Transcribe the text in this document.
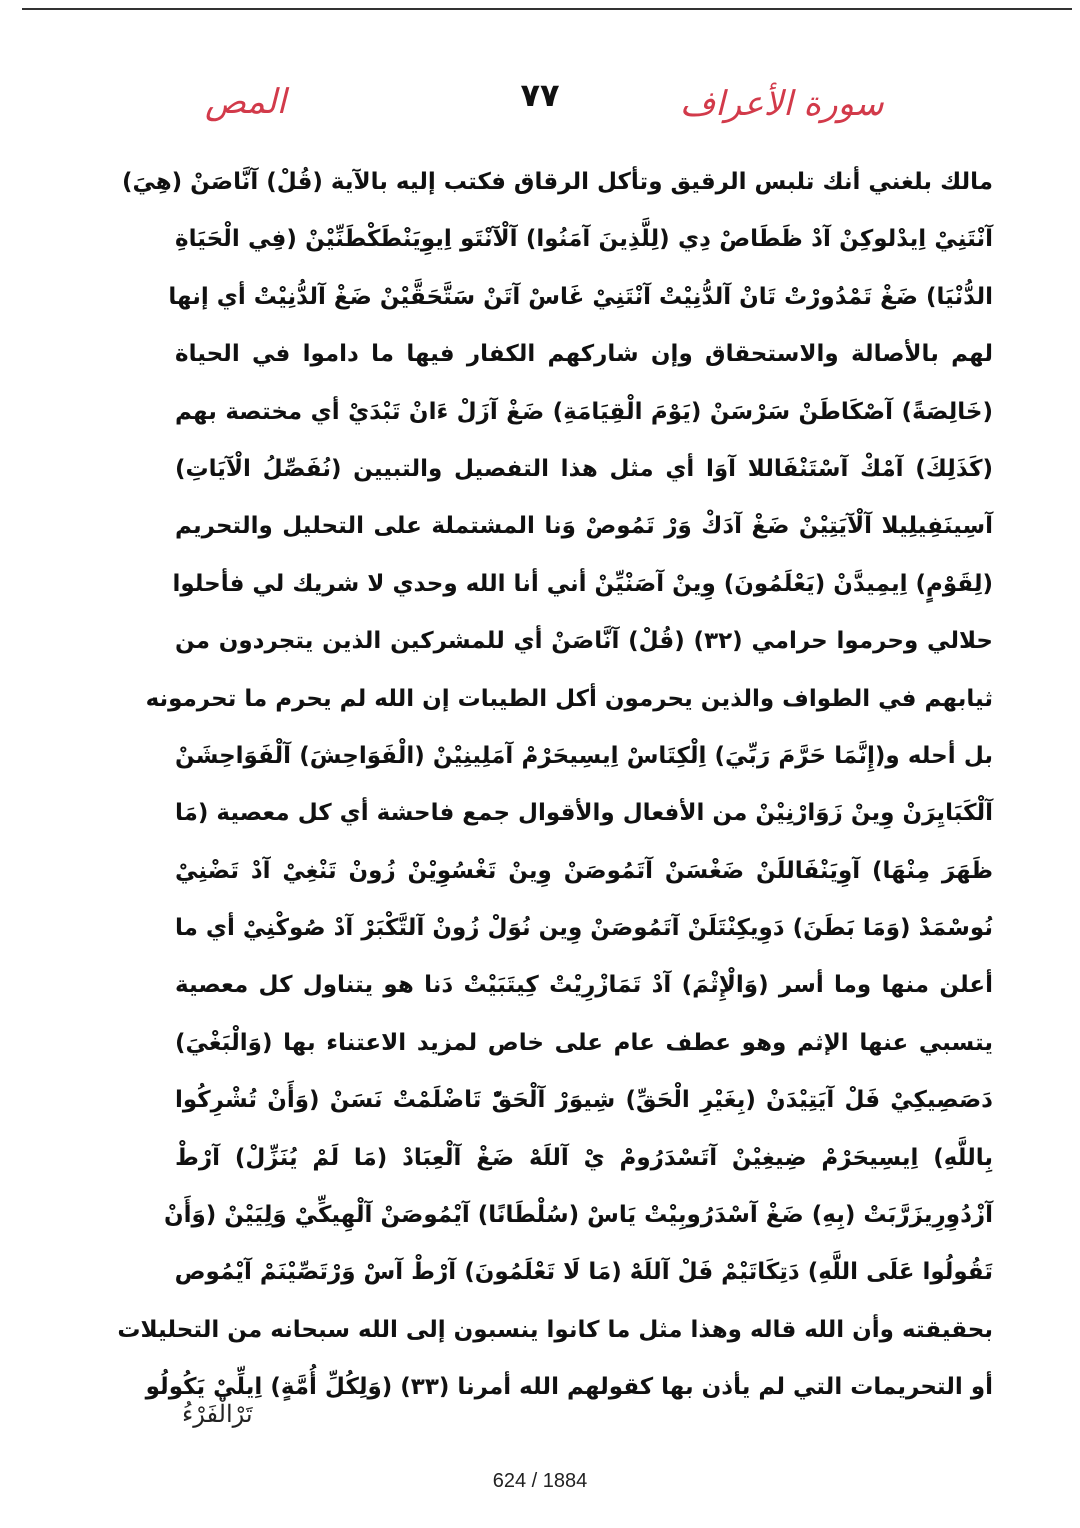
المص	٧٧	سورة الأعراف
مالك بلغني أنك تلبس الرقيق وتأكل الرقاق فكتب إليه بالآية (قُلْ) آنَّاصَنْ (هِيَ)
آنْتَنِيْ اِيدْلوكِنْ آدْ ظَطَاصْ دِي (لِلَّذِينَ آمَنُوا) آلْآنْتَو اِيوِيَنْطَكْطَنِّيْنْ (فِي الْحَيَاةِ
الدُّنْيَا) ضَغْ تَمْدُورْتْ تَانْ آلدُّنِيْتْ آنْتَنِيْ غَاسْ آتَنْ سَتَّحَقَّيْنْ ضَغْ آلدُّنِيْتْ أي إنها
لهم بالأصالة والاستحقاق وإن شاركهم الكفار فيها ما داموا في الحياة
(خَالِصَةً) آصْكَاطَنْ سَرْسَنْ (يَوْمَ الْقِيَامَةِ) ضَغْ آزَلْ ءَانْ تَبْدَيْ أي مختصة بهم
(كَذَلِكَ) آمْكْ آسْتَنْفَاللا آوَا أي مثل هذا التفصيل والتبيين (نُفَصِّلُ الْآيَاتِ)
آسِينَفِيلِيلا آلْآيَتِيْنْ ضَغْ آدَكْ وَرْ تَمُوصْ وَنا المشتملة على التحليل والتحريم
(لِقَوْمٍ) اِيمِيدَّنْ (يَعْلَمُونَ) وِينْ آصَنْيِّنْ أني أنا الله وحدي لا شريك لي فأحلوا
حلالي وحرموا حرامي (٣٢) (قُلْ) آنَّاصَنْ أي للمشركين الذين يتجردون من
ثيابهم في الطواف والذين يحرمون أكل الطيبات إن الله لم يحرم ما تحرمونه
بل أحله و(إِنَّمَا حَرَّمَ رَبِّيَ) اِلْكِتَاسْ اِيسِيحَرْمْ آمَلِينِيْنْ (الْفَوَاحِشَ) آلْفَوَاحِشَنْ
آلْكَبَايِرَنْ وِينْ زَوَارْنِيْنْ من الأفعال والأقوال جمع فاحشة أي كل معصية (مَا
ظَهَرَ مِنْهَا) آوِيَنْفَاللَنْ ضَغْسَنْ آتَمُوصَنْ وِينْ تَغْسُوِيْنْ زُونْ تَنْغِيْ آدْ تَضْنِيْ
نُوسْمَدْ (وَمَا بَطَنَ) دَوِيكِنْتَلَنْ آتَمُوصَنْ وِين نُوَلْ زُونْ آلتَّكْبَرْ آدْ صُوكْنِيْ أي ما
أعلن منها وما أسر (وَالْإِثْمَ) آدْ تَمَازْرِيْتْ كِيتَبَيْتْ دَنا هو يتناول كل معصية
يتسبي عنها الإثم وهو عطف عام على خاص لمزيد الاعتناء بها (وَالْبَغْيَ)
دَصَصِيكِيْ فَلْ آيَتِيْدَنْ (بِغَيْرِ الْحَقِّ) شِيوَرْ آلْحَقّْ تَاضْلَمْتْ نَسَنْ (وَأَنْ تُشْرِكُوا
بِاللَّهِ) اِيسِيحَرْمْ ضِيغِيْنْ آتَسْدَرُومْ يْ آللَهْ ضَغْ آلْعِبَادْ (مَا لَمْ يُنَزِّلْ) آرْطْ
آزْدُوِرِيزَرَّبَتْ (بِهِ) ضَغْ آسْدَرُوبِيْتْ يَاسْ (سُلْطَانًا) آيْمُوصَنْ آلْهِيكِّيْ وَلِيَيْنْ (وَأَنْ
تَقُولُوا عَلَى اللَّهِ) دَتِكَاتَيْمْ فَلْ آللَهْ (مَا لَا تَعْلَمُونَ) آرْطْ آسْ وَرْتَصِّيْنَمْ آيْمُوص
بحقيقته وأن الله قاله وهذا مثل ما كانوا ينسبون إلى الله سبحانه من التحليلات
أو التحريمات التي لم يأذن بها كقولهم الله أمرنا (٣٣) (وَلِكُلِّ أُمَّةٍ) اِيلِّيْ يَكُولُو
تَرْالْفَرْءُ
624 / 1884
